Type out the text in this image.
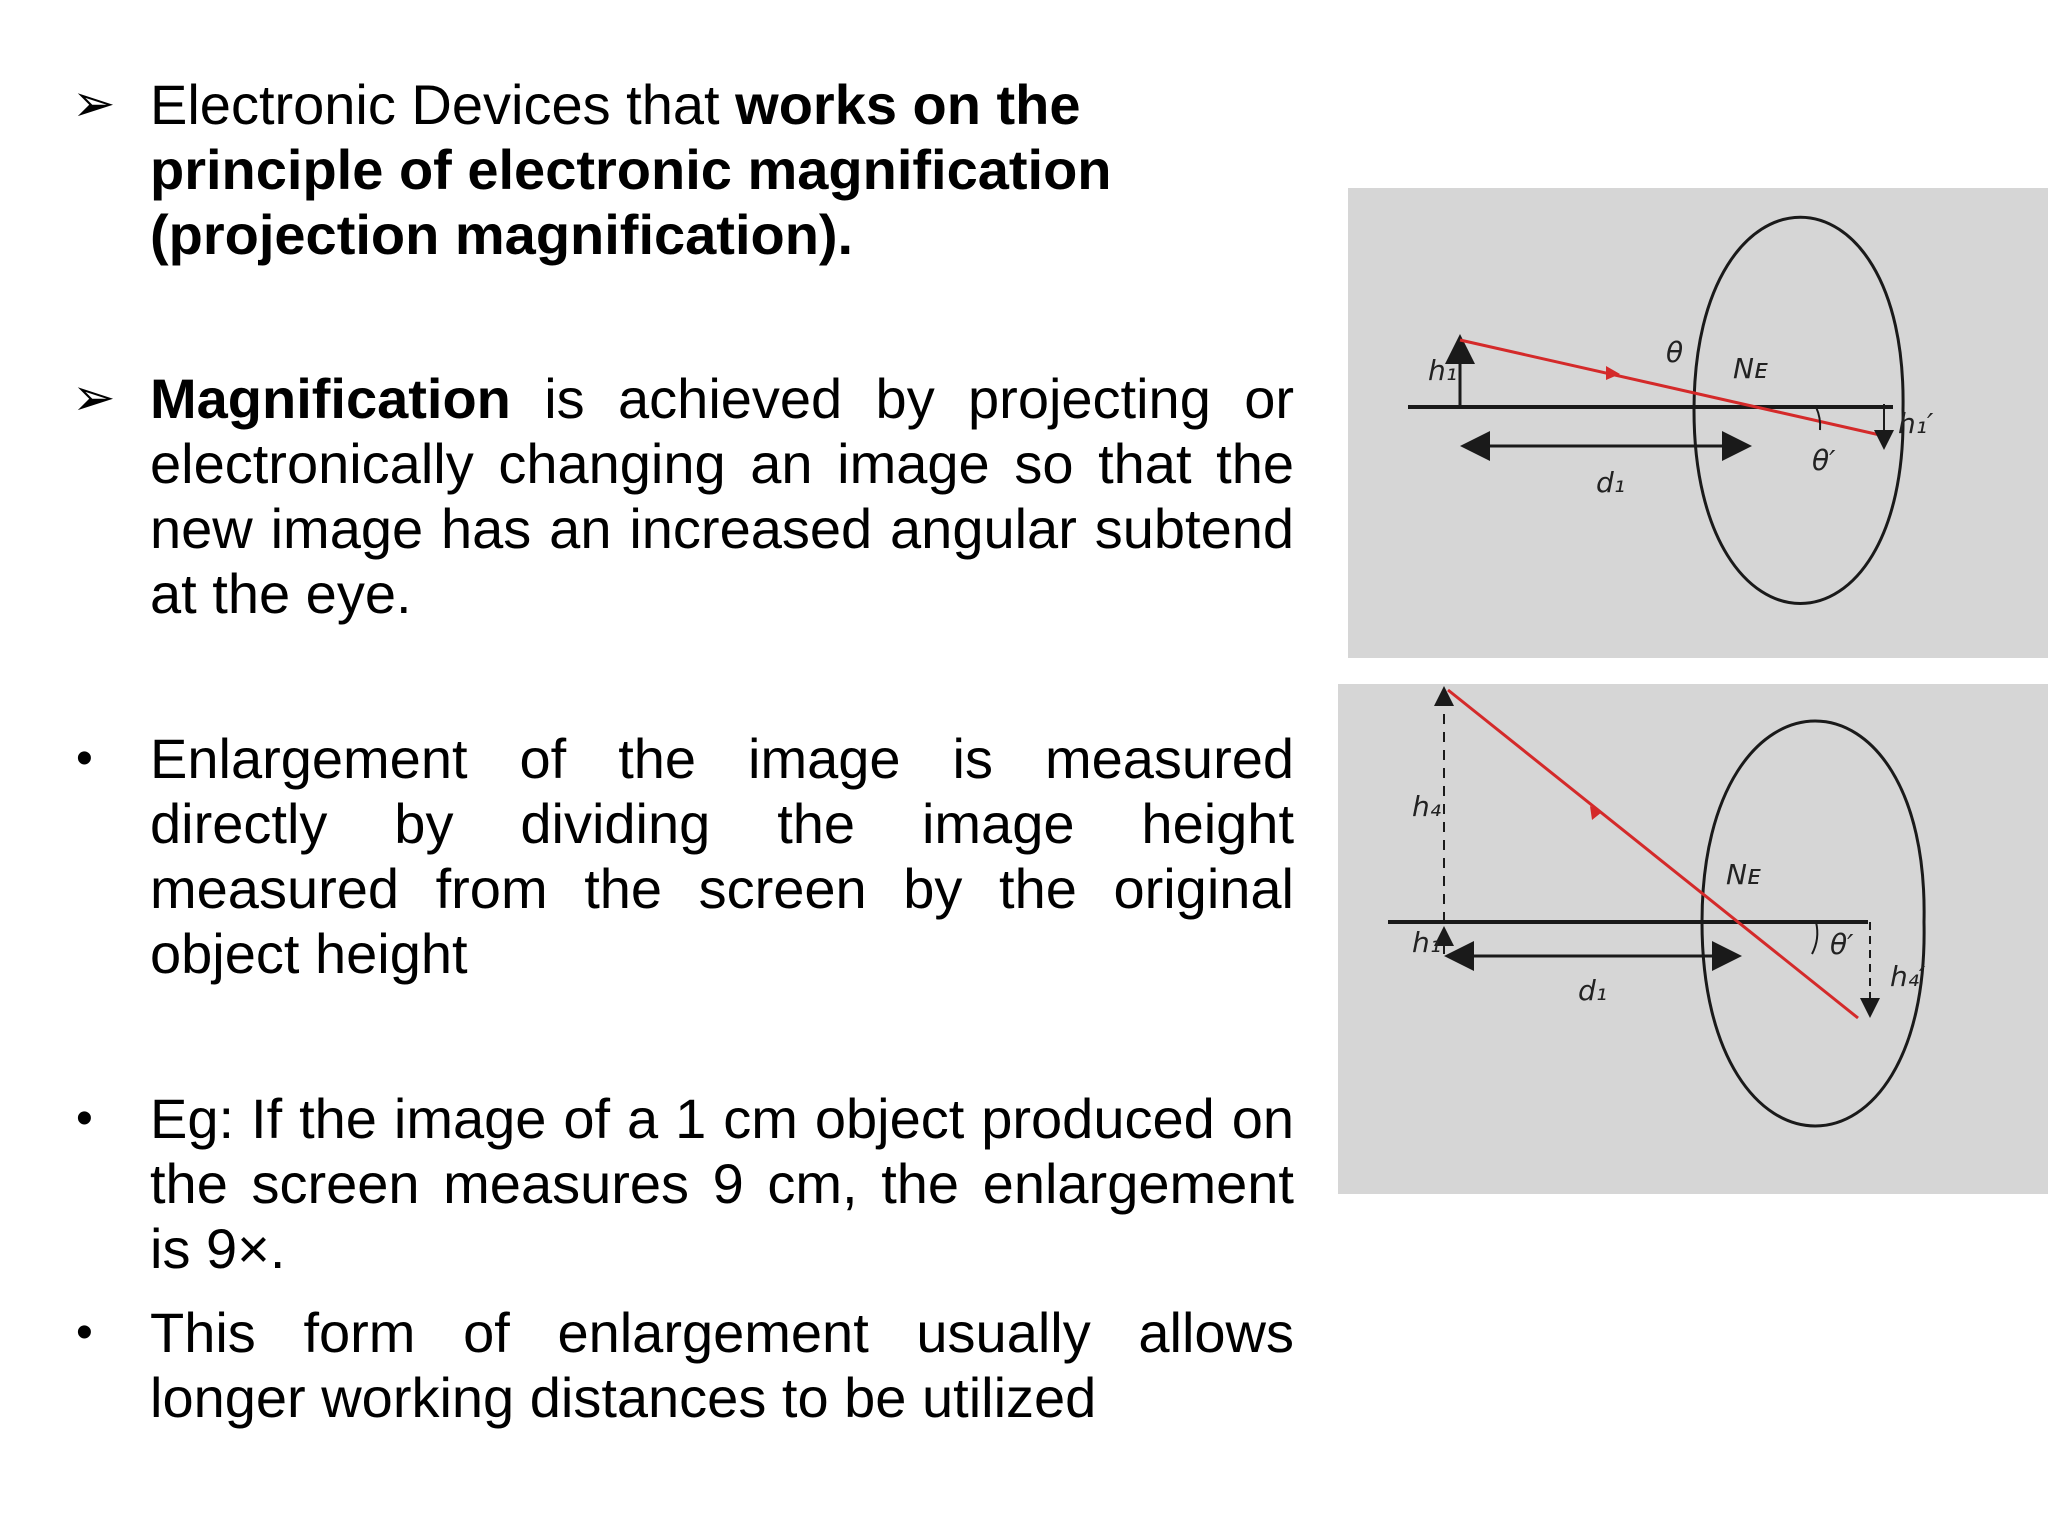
➢ Electronic Devices that works on the principle of electronic magnification (projection magnification).
➢ Magnification is achieved by projecting or electronically changing an image so that the new image has an increased angular subtend at the eye.
• Enlargement of the image is measured directly by dividing the image height measured from the screen by the original object height
• Eg: If the image of a 1 cm object produced on the screen measures 9 cm, the enlargement is 9×.
• This form of enlargement usually allows longer working distances to be utilized
h₁
θ Nᴇ
h₁′
θ′
d₁
h₄
h₁
Nᴇ
θ′
h₄′
d₁
